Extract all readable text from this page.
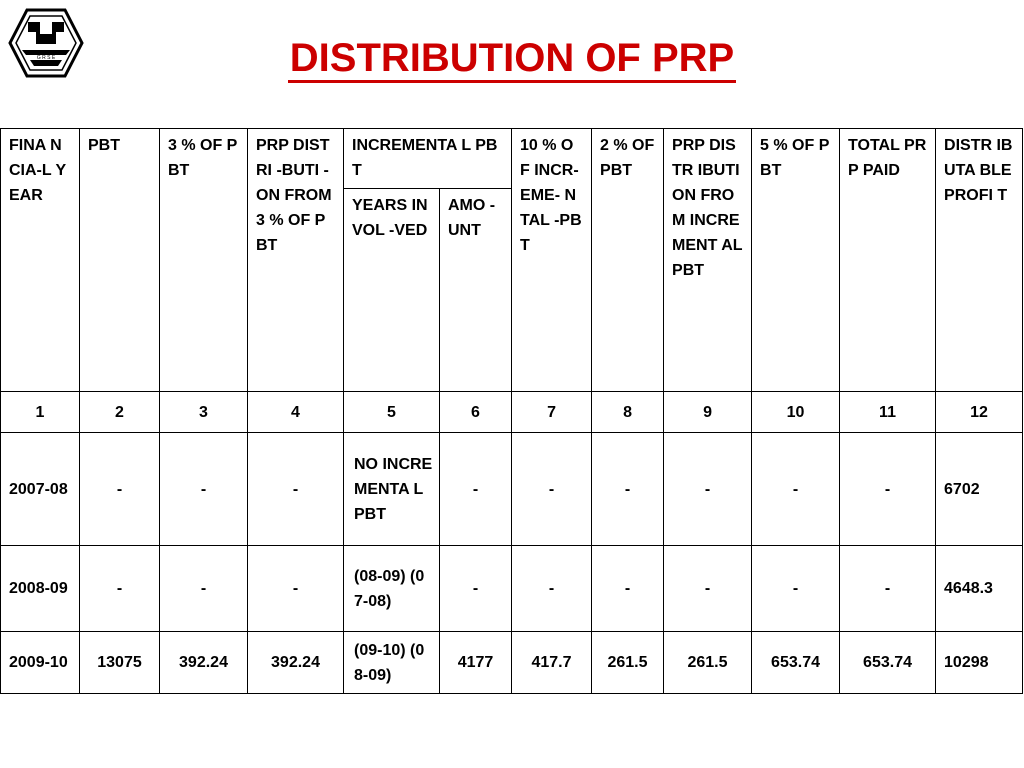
THE NAVI TEEN
G R S E	DISTRIBUTION OF PRP
FINA NCIA-L YEAR	PBT	3 % OF PBT	PRP DISTRI -BUTI -ON FROM 3 % OF PBT	INCREMENTA L PBT		10 % OF INCR- EME- NTAL -PBT	2 % OF PBT	PRP DISTR IBUTI ON FROM INCRE MENT AL PBT	5 % OF PBT	TOTAL PRP PAID	DISTR IBUTA BLE PROFI T
				YEARS INVOL -VED	AMO -UNT						
1	2	3	4	5	6	7	8	9	10	11	12
2007-08	-	-	-	NO INCRE MENTA L PBT	-	-	-	-	-	-	6702
2008-09	-	-	-	(08-09) (07-08)	-	-	-	-	-	-	4648.3
2009-10	13075	392.24	392.24	(09-10) (08-09)	4177	417.7	261.5	261.5	653.74	653.74	10298
